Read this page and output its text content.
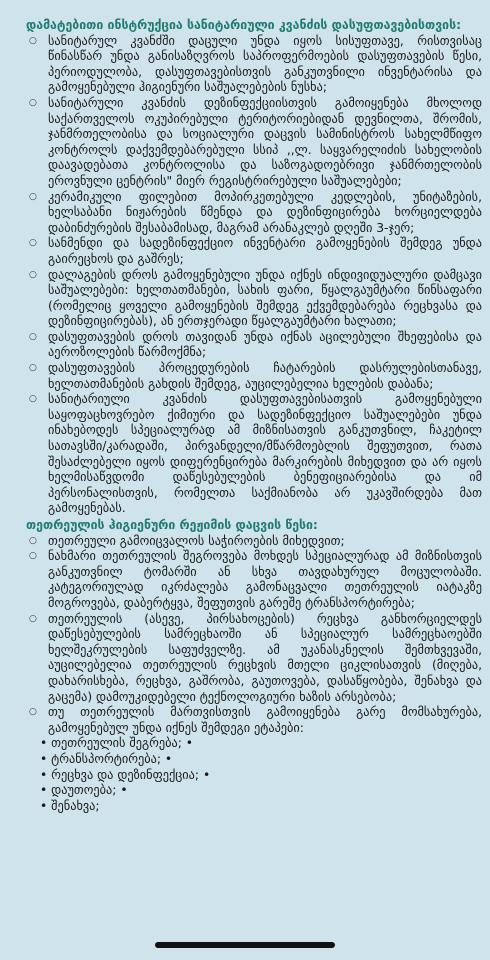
დამატებითი ინსტრუქცია სანიტარიული კვანძის დასუფთავებისთვის:

○ სანიტარულ კვანძში დაცული უნდა იყოს სისუფთავე, რისთვისაც წინასწარ უნდა განისაზღვროს საპროფერმოების დასუფთავების წესი, პერიოდულობა, დასუფთავებისთვის განკუთვნილი ინვენტარისა და გამოყენებული ჰიგიენური საშუალებების ნუსხა;
○ სანიტარული კვანძის დეზინფექციისთვის გამოიყენება მხოლოდ საქართველოს ოკუპირებული ტერიტორიებიდან დევნილთა, შრომის, ჯანმრთელობისა და სოციალური დაცვის სამინისტროს სახელმწიფო კონტროლს დაქვემდებარებული სსიპ ,,ლ. საყვარელიძის სახელობის დაავადებათა კონტროლისა და საზოგადოებრივი ჯანმრთელობის ეროვნული ცენტრის" მიერ რეგისტრირებული საშუალებები;
○ კერამიკული ფილებით მოპირკეთებული კედლების, უნიტაზების, ხელსაბანი ნიჟარების წმენდა და დეზინფიცირება ხორციელდება დაბინძურების შესაბამისად, მაგრამ არანაკლებ დღეში 3-ჯერ;
○ სანმენდი და სადეზინფექციო ინვენტარი გამოყენების შემდეგ უნდა გაირეცხოს და გაშრეს;
○ დალაგების დროს გამოყენებული უნდა იქნეს ინდივიდუალური დამცავი საშუალებები: ხელთათმანები, სახის ფარი, წყალგაუმტარი წინსაფარი (რომელიც ყოველი გამოყენების შემდეგ ექვემდებარება რეცხვასა და დეზინფიცირებას), ან ერთჯერადი წყალგაუმტარი ხალათი;
○ დასუფთავების დროს თავიდან უნდა იქნას აცილებული შხეფებისა და აეროზოლების წარმოქმნა;
○ დასუფთავების პროცედურების ჩატარების დასრულებისთანავე, ხელთათმანების გახდის შემდეგ, აუცილებელია ხელების დაბანა;
○ სანიტარიული კვანძის დასუფთავებისათვის გამოყენებული საყოფაცხოვრებო ქიმიური და სადეზინფექციო საშუალებები უნდა ინახებოდეს სპეციალურად ამ მიზნისათვის განკუთვნილ, ჩაკეტილ სათავსში/კარადაში, პირვანდელი/მწარმოებლის შეფუთვით, რათა შესაძლებელი იყოს დიფერენცირება მარკირების მიხედვით და არ იყოს ხელმისაწვდომი დაწესებულების ბენეფიციარებისა და იმ პერსონალისთვის, რომელთა საქმიანობა არ უკავშირდება მათ გამოყენებას.

თეთრეულის ჰიგიენური რეჟიმის დაცვის წესი:

○ თეთრეული გამოიცვალოს საჭიროების მიხედვით;
○ ნახმარი თეთრეულის შეგროვება მოხდეს სპეციალურად ამ მიზნისთვის განკუთვნილ ტომარში ან სხვა თავდახურულ მოცულობაში. კატეგორიულად იკრძალება გამონაცვალი თეთრეულის იატაკზე მოგროვება, დაბერტყვა, შეფუთვის გარეშე ტრანსპორტირება;
○ თეთრეულის (ასევე, პირსახოცების) რეცხვა განხორციელდეს დაწესებულების სამრეცხაოში ან სპეციალურ სამრეცხაოებში ხელშეკრულების საფუძველზე. ამ უკანასკნელის შემთხვევაში, აუცილებელია თეთრეულის რეცხვის მთელი ციკლისათვის (მიღება, დახარისხება, რეცხვა, გაშრობა, გაუთოვება, დასაწყობება, შენახვა და გაცემა) დამოუკიდებელი ტექნოლოგიური ხაზის არსებობა;
○ თუ თეთრეულის მართვისთვის გამოიყენება გარე მომსახურება, გამოყენებულ უნდა იქნეს შემდეგი ეტაპები:
• თეთრეულის შეგრება; •
• ტრანსპორტირება; •
• რეცხვა და დეზინფექცია; •
• დაუთოება; •
• შენახვა;
